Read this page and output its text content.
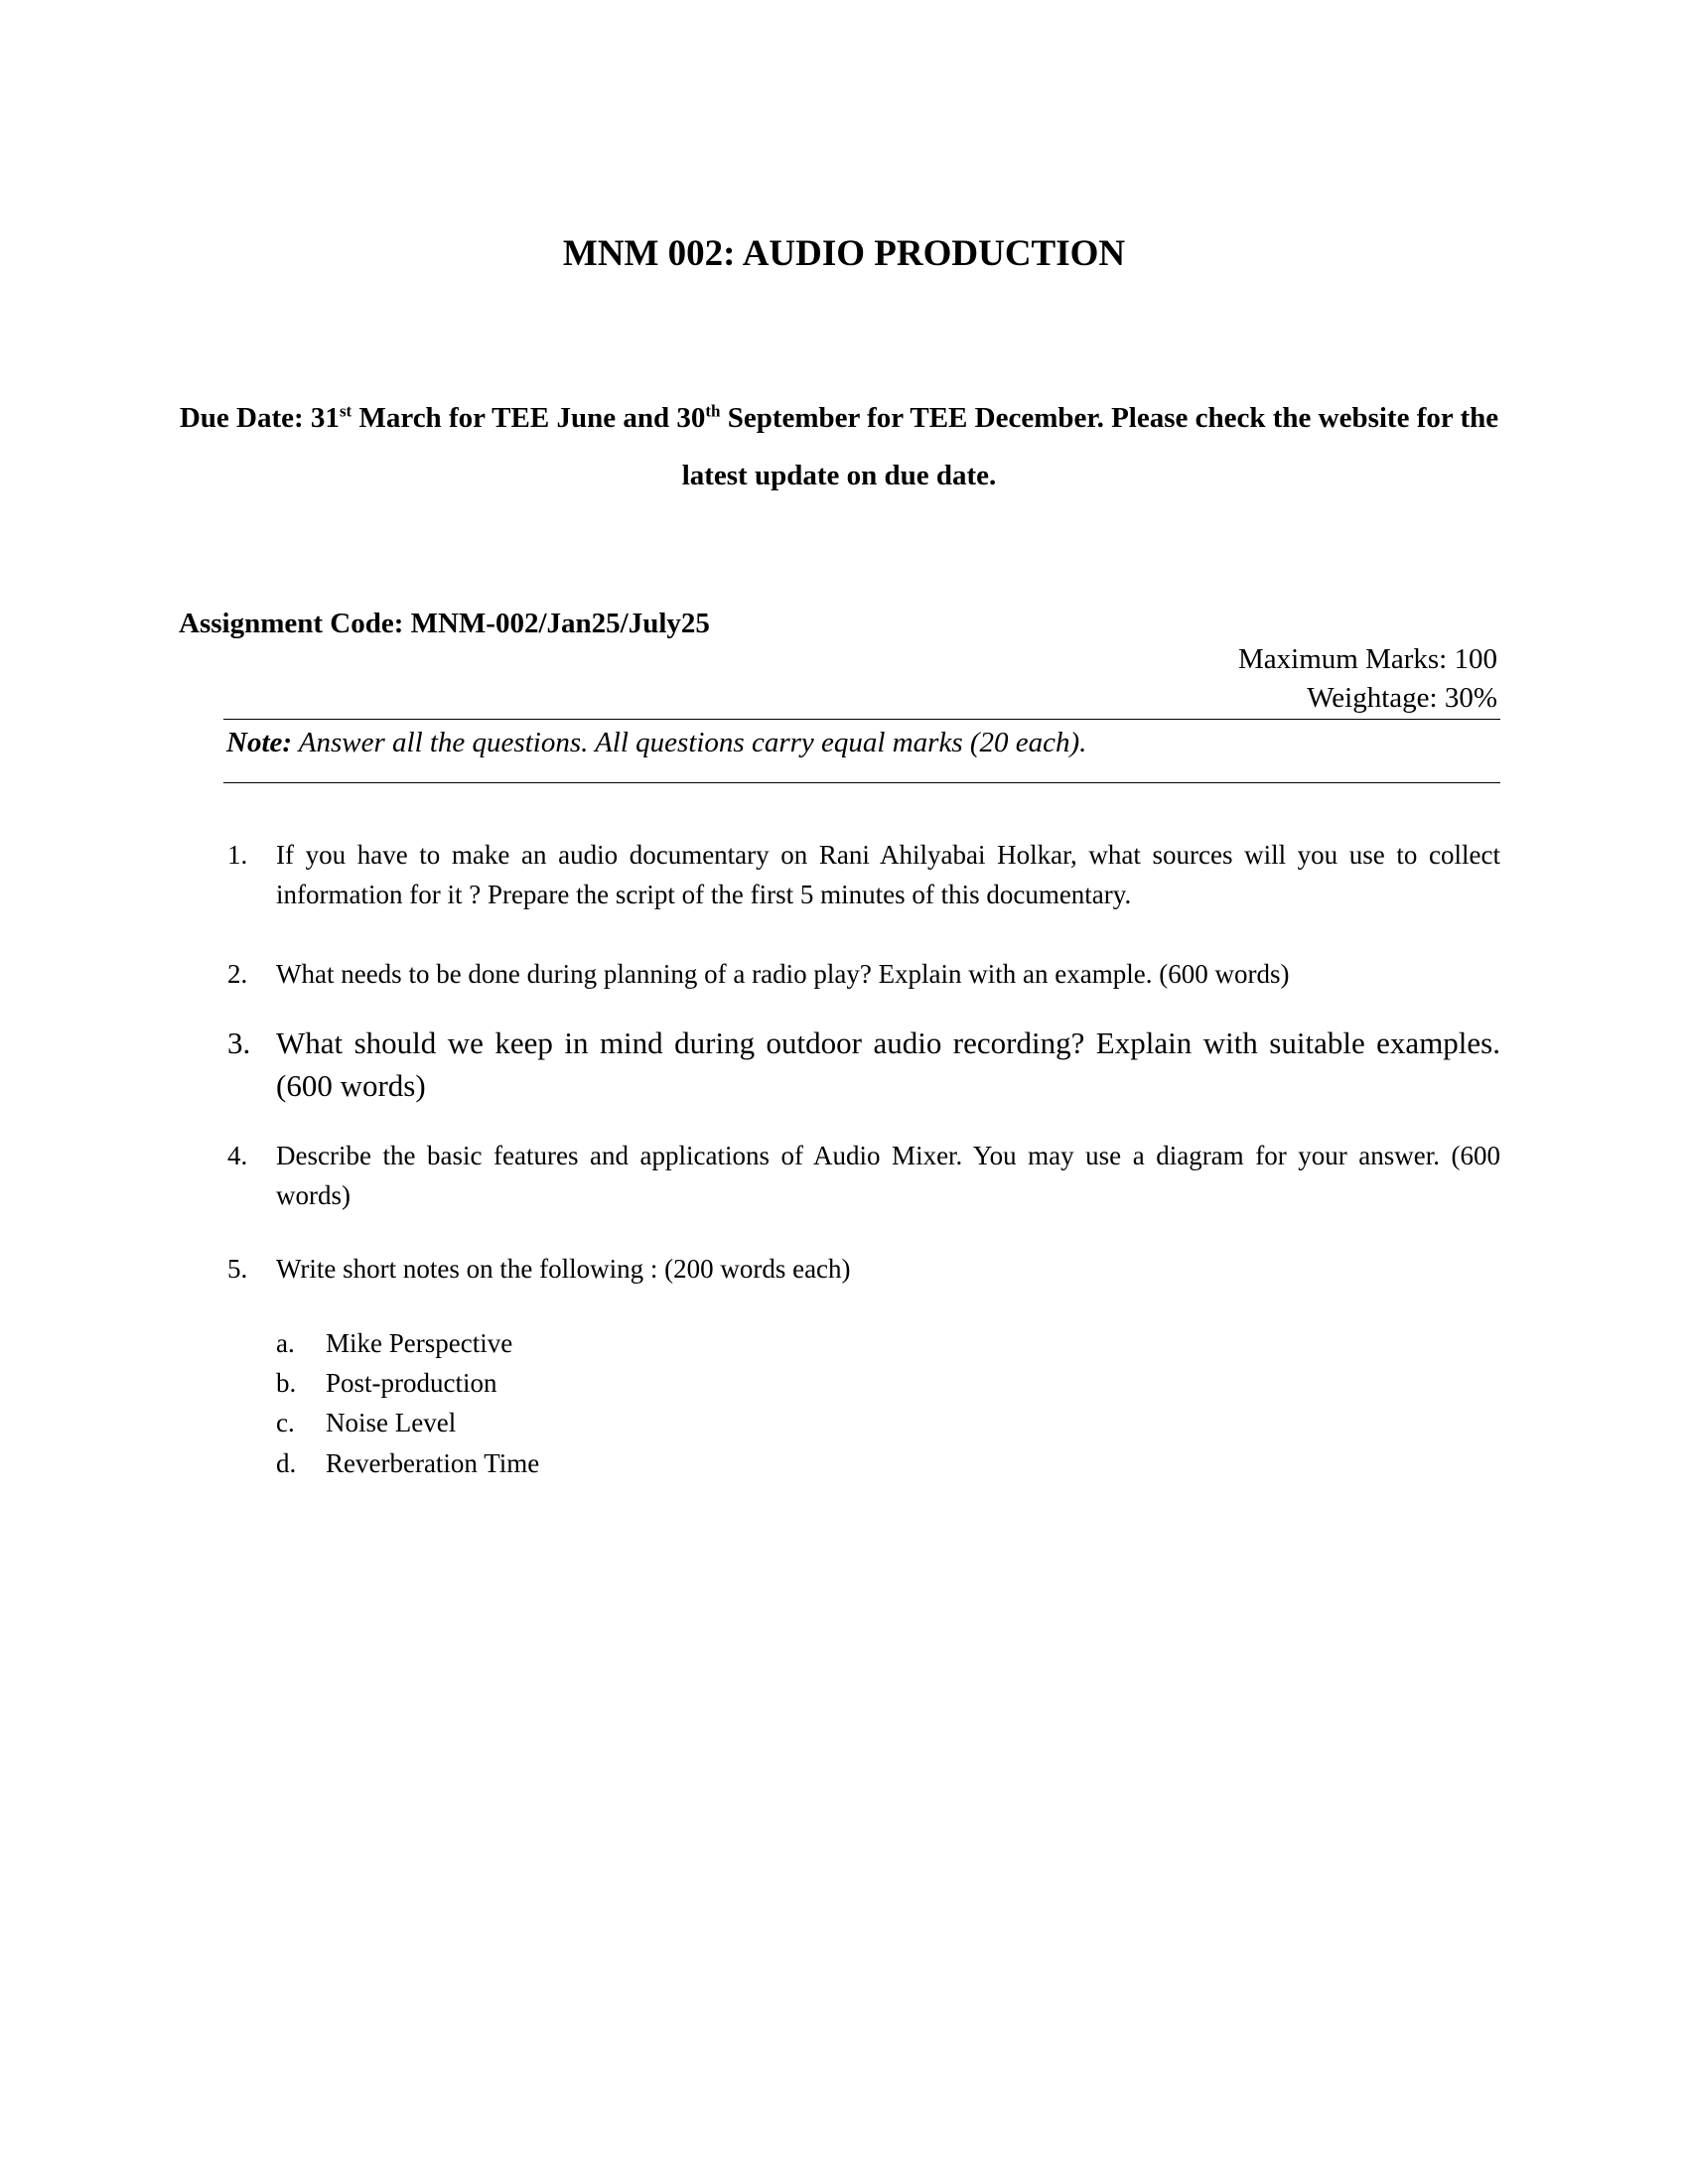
MNM 002: AUDIO PRODUCTION
Due Date: 31st March for TEE June and 30th September for TEE December. Please check the website for the latest update on due date.
Assignment Code: MNM-002/Jan25/July25
Maximum Marks: 100
Weightage: 30%
Note: Answer all the questions. All questions carry equal marks (20 each).
1.	If you have to make an audio documentary on Rani Ahilyabai Holkar, what sources will you use to collect information for it ? Prepare the script of the first 5 minutes of this documentary.
2.	What needs to be done during planning of a radio play? Explain with an example. (600 words)
3. What should we keep in mind during outdoor audio recording? Explain with suitable examples. (600 words)
4.	Describe the basic features and applications of Audio Mixer. You may use a diagram for your answer. (600 words)
5.	Write short notes on the following : (200 words each)
a.	Mike Perspective
b.	Post-production
c.	Noise Level
d.	Reverberation Time
